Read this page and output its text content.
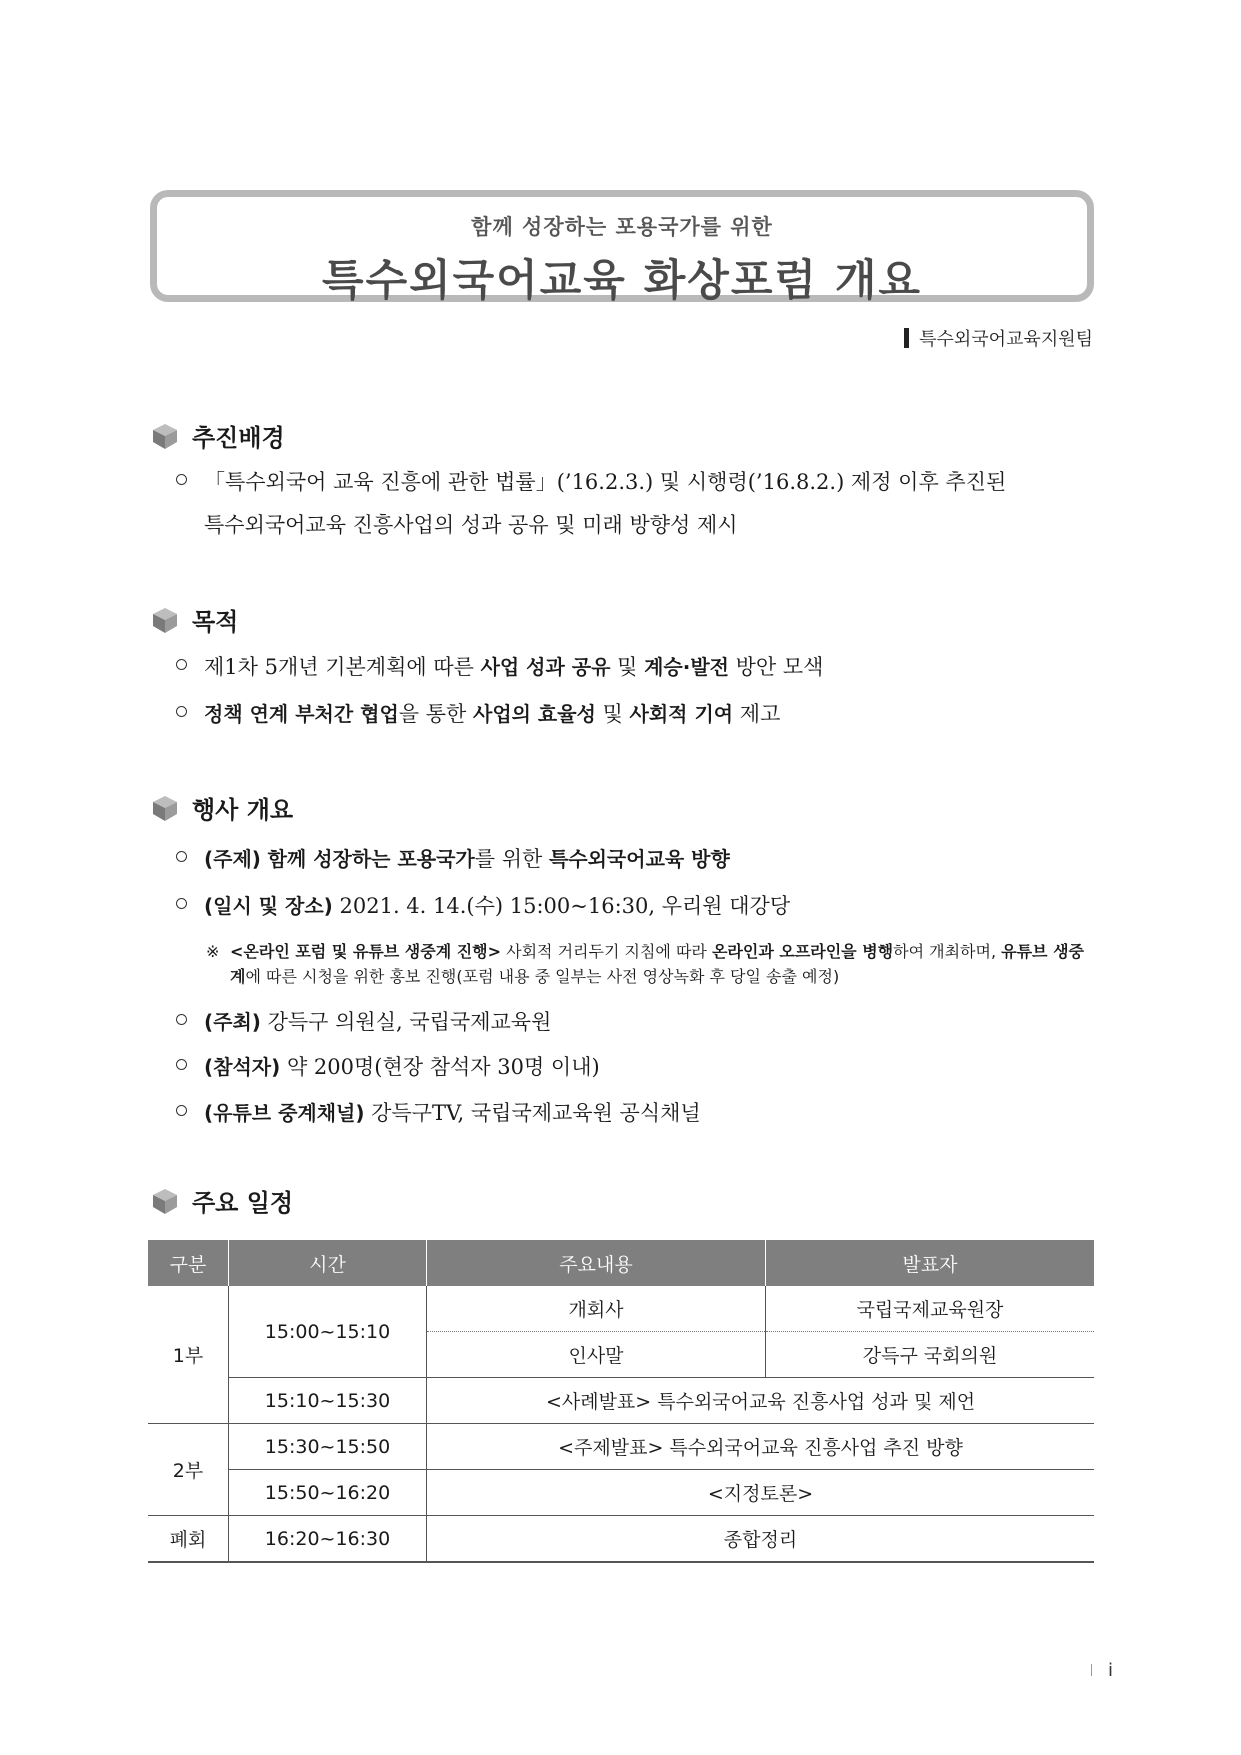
함께 성장하는 포용국가를 위한
특수외국어교육 화상포럼 개요
특수외국어교육지원팀
추진배경
「특수외국어 교육 진흥에 관한 법률」(’16.2.3.) 및 시행령(’16.8.2.) 제정 이후 추진된
특수외국어교육 진흥사업의 성과 공유 및 미래 방향성 제시
목적
제1차 5개년 기본계획에 따른 사업 성과 공유 및 계승·발전 방안 모색
정책 연계 부처간 협업을 통한 사업의 효율성 및 사회적 기여 제고
행사 개요
(주제) 함께 성장하는 포용국가를 위한 특수외국어교육 방향
(일시 및 장소) 2021. 4. 14.(수) 15:00~16:30, 우리원 대강당
※ <온라인 포럼 및 유튜브 생중계 진행> 사회적 거리두기 지침에 따라 온라인과 오프라인을 병행하여 개최하며, 유튜브 생중계에 따른 시청을 위한 홍보 진행(포럼 내용 중 일부는 사전 영상녹화 후 당일 송출 예정)
(주최) 강득구 의원실, 국립국제교육원
(참석자) 약 200명(현장 참석자 30명 이내)
(유튜브 중계채널) 강득구TV, 국립국제교육원 공식채널
주요 일정
구분	시간	주요내용	발표자
1부	15:00~15:10	개회사	국립국제교육원장
		인사말	강득구 국회의원
	15:10~15:30	<사례발표> 특수외국어교육 진흥사업 성과 및 제언	
2부	15:30~15:50	<주제발표> 특수외국어교육 진흥사업 추진 방향	
	15:50~16:20	<지정토론>	
폐회	16:20~16:30	종합정리	
i
